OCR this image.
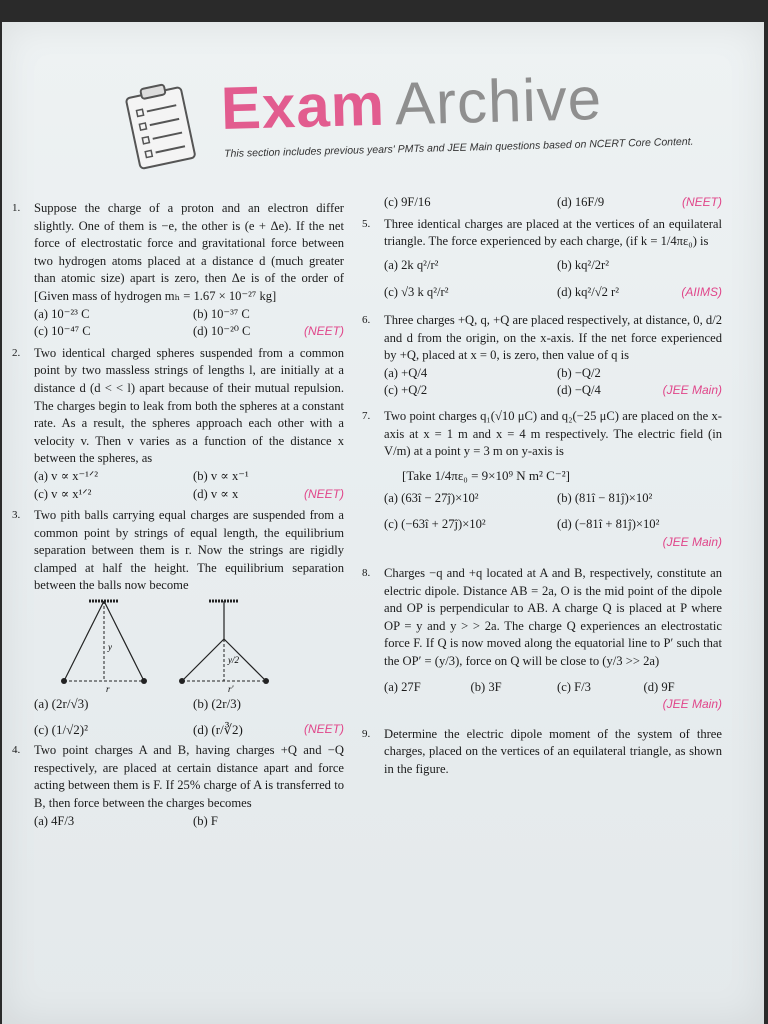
Exam Archive
This section includes previous years' PMTs and JEE Main questions based on NCERT Core Content.
1. Suppose the charge of a proton and an electron differ slightly. One of them is −e, the other is (e + Δe). If the net force of electrostatic force and gravitational force between two hydrogen atoms placed at a distance d (much greater than atomic size) apart is zero, then Δe is of the order of [Given mass of hydrogen mₕ = 1.67 × 10⁻²⁷ kg]
(a) 10⁻²³ C	(b) 10⁻³⁷ C
(c) 10⁻⁴⁷ C	(d) 10⁻²⁰ C	(NEET)
2. Two identical charged spheres suspended from a common point by two massless strings of lengths l, are initially at a distance d (d < < l) apart because of their mutual repulsion. The charges begin to leak from both the spheres at a constant rate. As a result, the spheres approach each other with a velocity v. Then v varies as a function of the distance x between the spheres, as
(a) v ∝ x⁻¹ᐟ²	(b) v ∝ x⁻¹
(c) v ∝ x¹ᐟ²	(d) v ∝ x	(NEET)
3. Two pith balls carrying equal charges are suspended from a common point by strings of equal length, the equilibrium separation between them is r. Now the strings are rigidly clamped at half the height. The equilibrium separation between the balls now become
y
r
y/2
r'
(a) (2r/√3)	(b) (2r/3)
(c) (1/√2)²	(d) (r/∛2)	(NEET)
4. Two point charges A and B, having charges +Q and −Q respectively, are placed at certain distance apart and force acting between them is F. If 25% charge of A is transferred to B, then force between the charges becomes
(a) 4F/3	(b) F
(c) 9F/16	(d) 16F/9	(NEET)
5. Three identical charges are placed at the vertices of an equilateral triangle. The force experienced by each charge, (if k = 1/4πε₀) is
(a) 2k q²/r²	(b) kq²/2r²
(c) √3 k q²/r²	(d) kq²/√2 r²	(AIIMS)
6. Three charges +Q, q, +Q are placed respectively, at distance, 0, d/2 and d from the origin, on the x-axis. If the net force experienced by +Q, placed at x = 0, is zero, then value of q is
(a) +Q/4	(b) −Q/2
(c) +Q/2	(d) −Q/4	(JEE Main)
7. Two point charges q₁(√10 μC) and q₂(−25 μC) are placed on the x-axis at x = 1 m and x = 4 m respectively. The electric field (in V/m) at a point y = 3 m on y-axis is
[Take 1/4πε₀ = 9×10⁹ N m² C⁻²]
(a) (63î − 27ĵ)×10²	(b) (81î − 81ĵ)×10²
(c) (−63î + 27ĵ)×10²	(d) (−81î + 81ĵ)×10²
(JEE Main)
8. Charges −q and +q located at A and B, respectively, constitute an electric dipole. Distance AB = 2a, O is the mid point of the dipole and OP is perpendicular to AB. A charge Q is placed at P where OP = y and y > > 2a. The charge Q experiences an electrostatic force F. If Q is now moved along the equatorial line to P′ such that the OP′ = (y/3), force on Q will be close to (y/3 >> 2a)
(a) 27F	(b) 3F	(c) F/3	(d) 9F
(JEE Main)
9. Determine the electric dipole moment of the system of three charges, placed on the vertices of an equilateral triangle, as shown in the figure.
